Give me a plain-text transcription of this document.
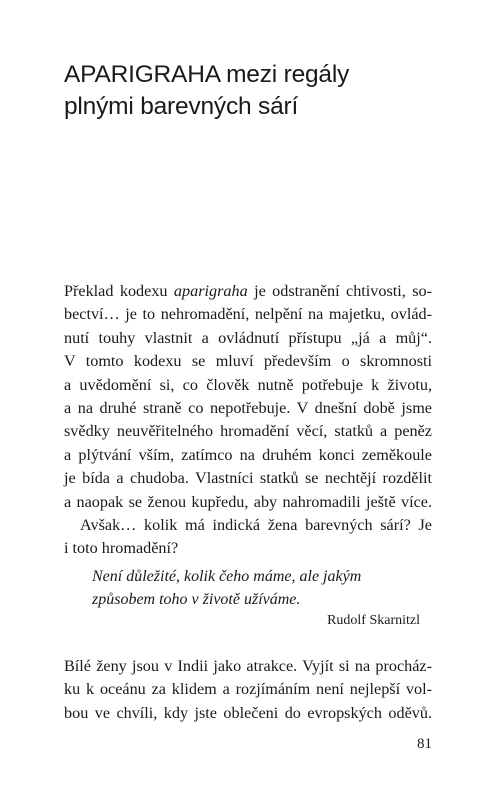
APARIGRAHA mezi regály
plnými barevných sárí
Překlad kodexu aparigraha je odstranění chtivosti, so-
bectví… je to nehromadění, nelpění na majetku, ovlád-
nutí touhy vlastnit a ovládnutí přístupu „já a můj“.
V tomto kodexu se mluví především o skromnosti
a uvědomění si, co člověk nutně potřebuje k životu,
a na druhé straně co nepotřebuje. V dnešní době jsme
svědky neuvěřitelného hromadění věcí, statků a peněz
a plýtvání vším, zatímco na druhém konci zeměkoule
je bída a chudoba. Vlastníci statků se nechtějí rozdělit
a naopak se ženou kupředu, aby nahromadili ještě více.
Avšak… kolik má indická žena barevných sárí? Je
i toto hromadění?
Není důležité, kolik čeho máme, ale jakým
způsobem toho v životě užíváme.
Rudolf Skarnitzl
Bílé ženy jsou v Indii jako atrakce. Vyjít si na procház-
ku k oceánu za klidem a rozjímáním není nejlepší vol-
bou ve chvíli, kdy jste oblečeni do evropských oděvů.
81
